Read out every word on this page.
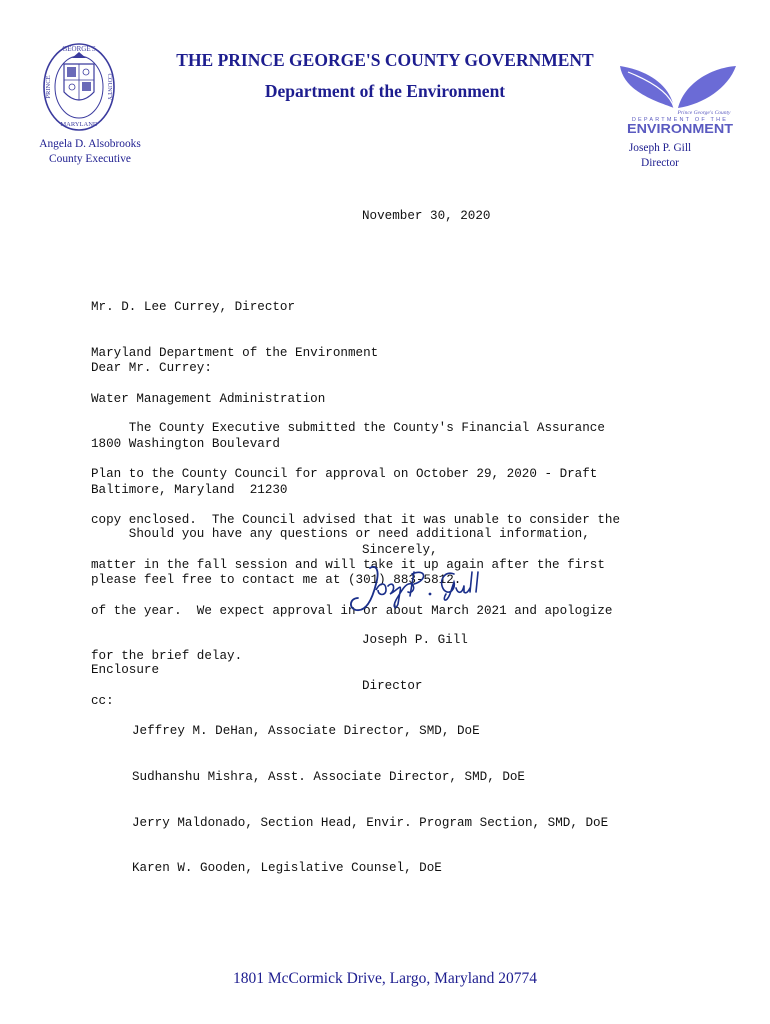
GEORGE'S
PRINCE	COUNTY
MARYLAND
THE PRINCE GEORGE'S COUNTY GOVERNMENT
Department of the Environment
Prince George's County
DEPARTMENT OF THE
ENVIRONMENT
Angela D. Alsobrooks
County Executive
Joseph P. Gill
Director
November 30, 2020

Mr. D. Lee Currey, Director

Maryland Department of the Environment

Water Management Administration

1800 Washington Boulevard

Baltimore, Maryland  21230

Dear Mr. Currey:

The County Executive submitted the County's Financial Assurance

Plan to the County Council for approval on October 29, 2020 - Draft

copy enclosed.  The Council advised that it was unable to consider the

matter in the fall session and will take it up again after the first

of the year.  We expect approval in or about March 2021 and apologize

for the brief delay.

Should you have any questions or need additional information,

please feel free to contact me at (301) 883-5812.

Sincerely,

Joseph P. Gill

Director

Enclosure
cc:

Jeffrey M. DeHan, Associate Director, SMD, DoE

Sudhanshu Mishra, Asst. Associate Director, SMD, DoE

Jerry Maldonado, Section Head, Envir. Program Section, SMD, DoE

Karen W. Gooden, Legislative Counsel, DoE

1801 McCormick Drive, Largo, Maryland 20774
